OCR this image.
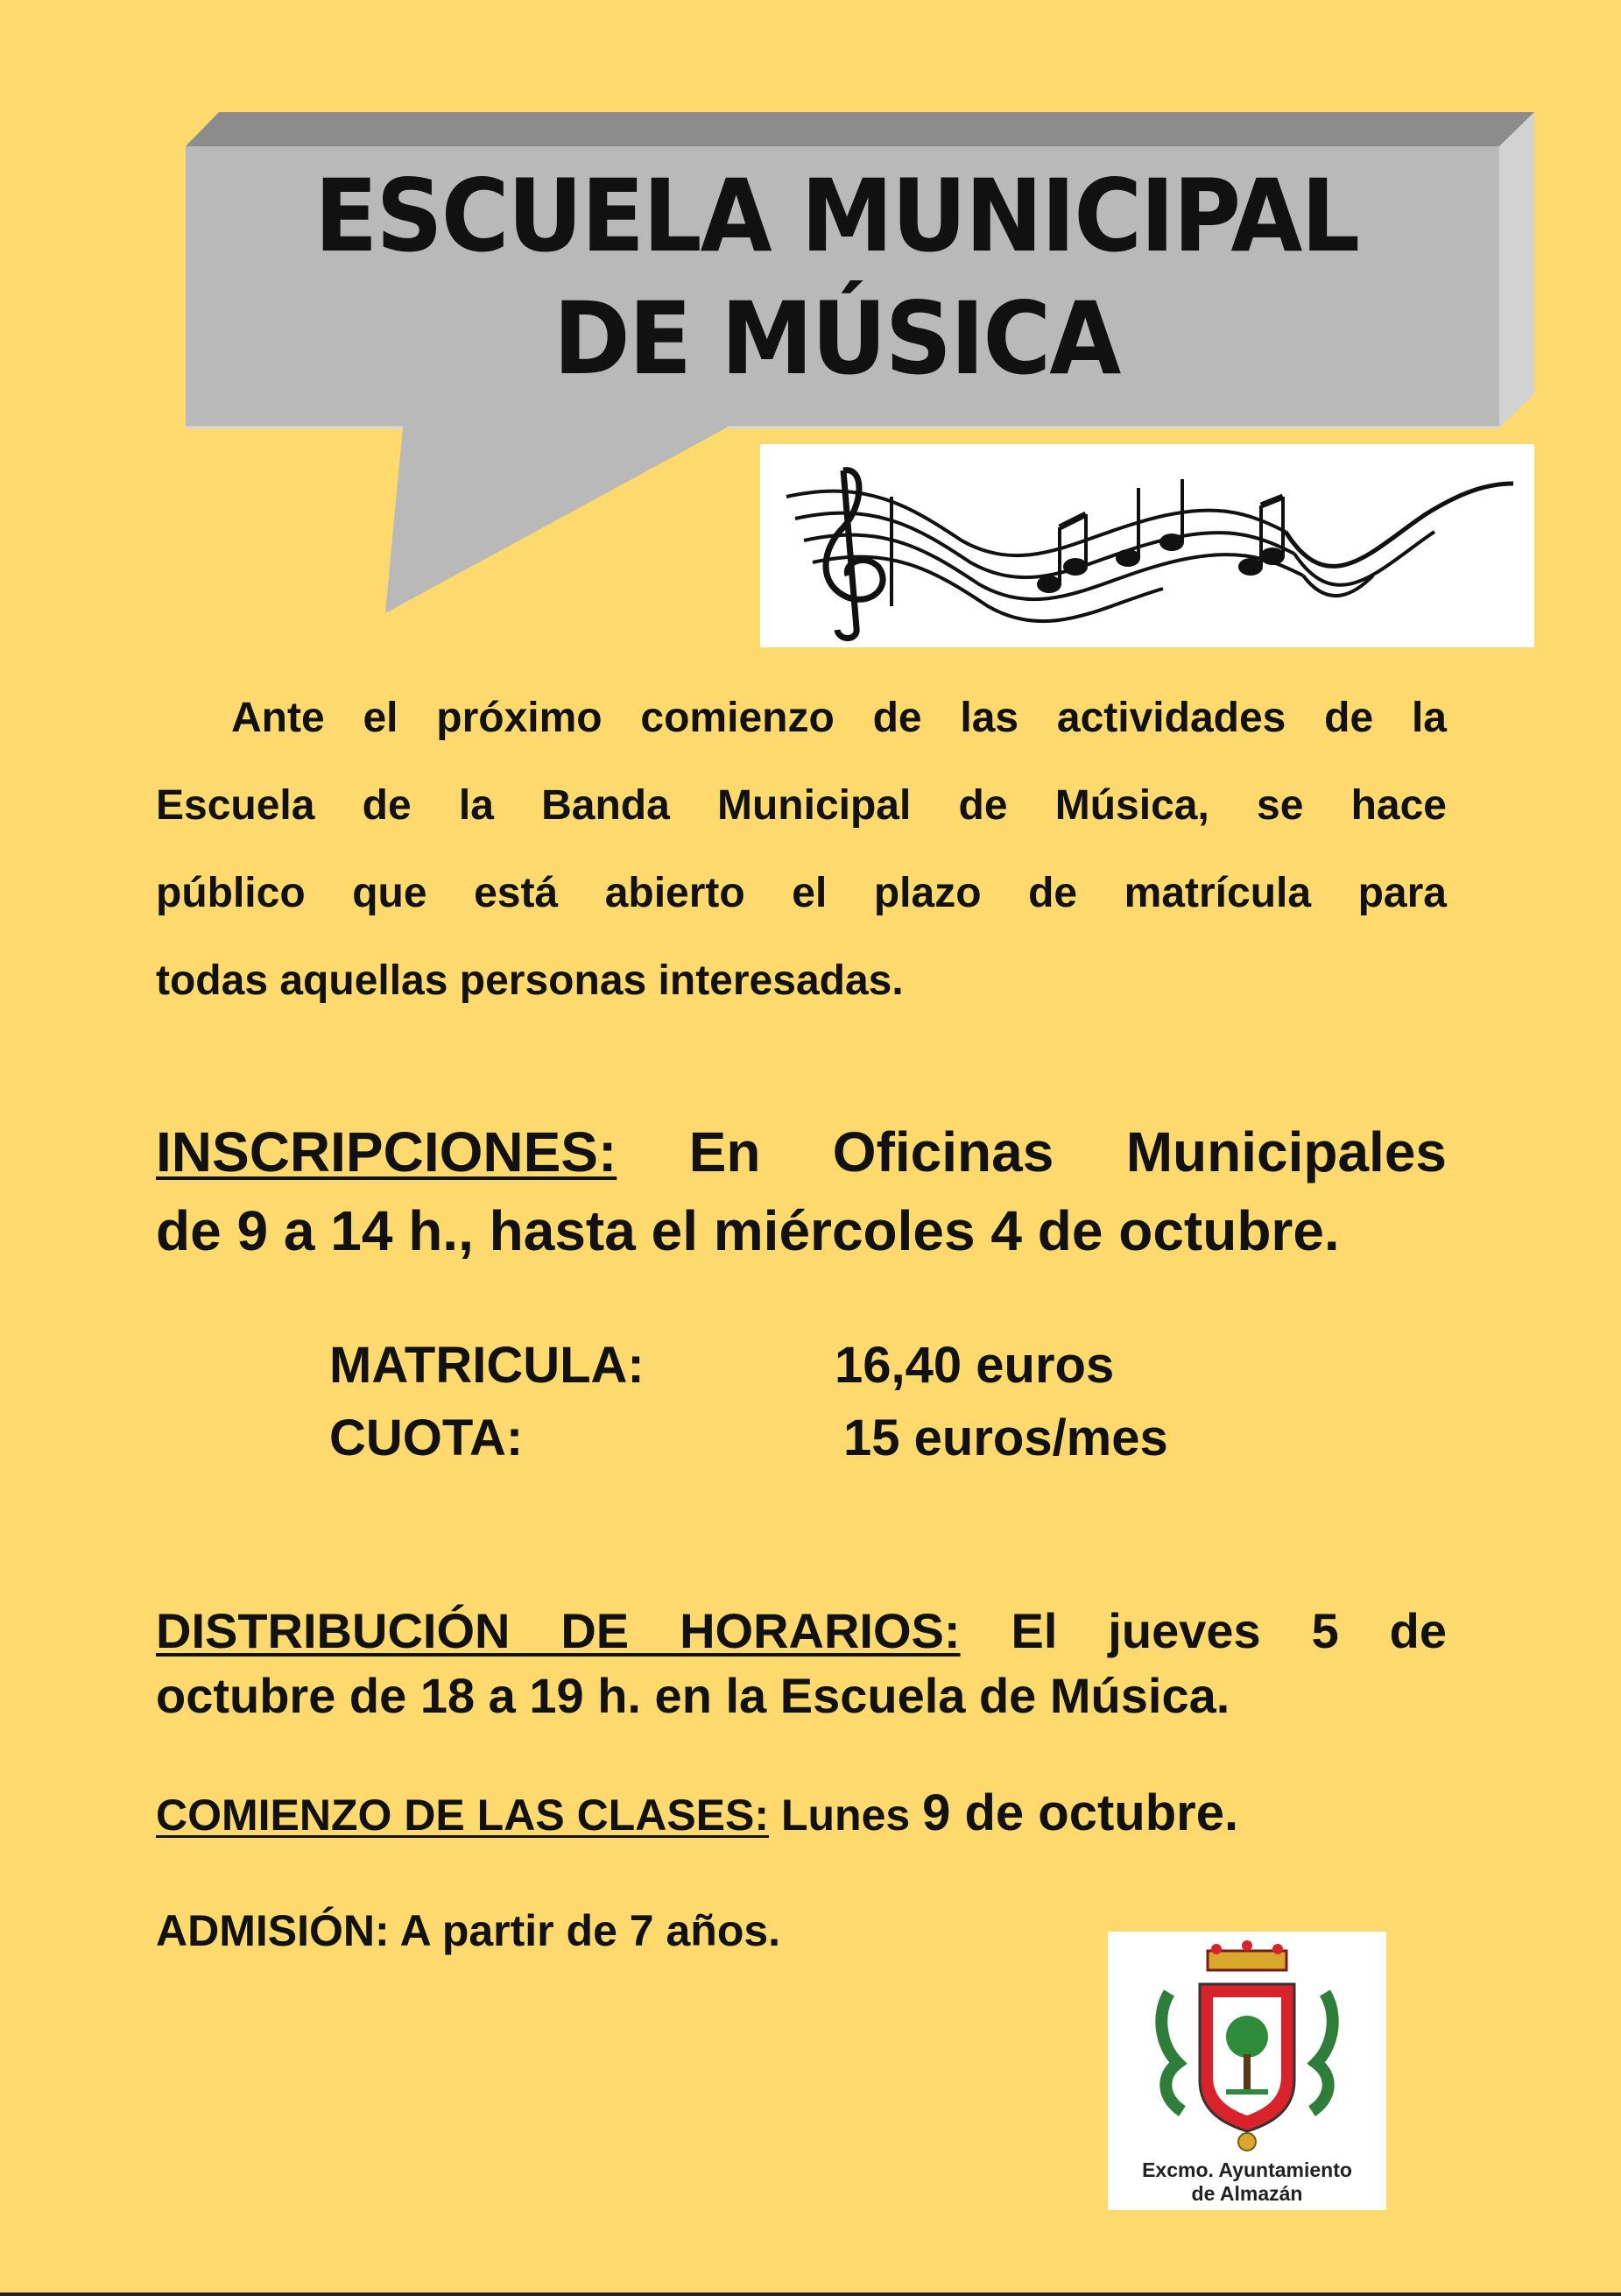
ESCUELA MUNICIPAL
DE MÚSICA
Ante el próximo comienzo de las actividades de la
Escuela de la Banda Municipal de Música, se hace
público que está abierto el plazo de matrícula para
todas aquellas personas interesadas.
INSCRIPCIONES: En Oficinas Municipales
de 9 a 14 h., hasta el miércoles 4 de octubre.
MATRICULA:	16,40 euros
CUOTA:	15 euros/mes
DISTRIBUCIÓN DE HORARIOS: El jueves 5 de
octubre de 18 a 19 h. en la Escuela de Música.
COMIENZO DE LAS CLASES: Lunes 9 de octubre.
ADMISIÓN: A partir de 7 años.
Excmo. Ayuntamiento
de Almazán
